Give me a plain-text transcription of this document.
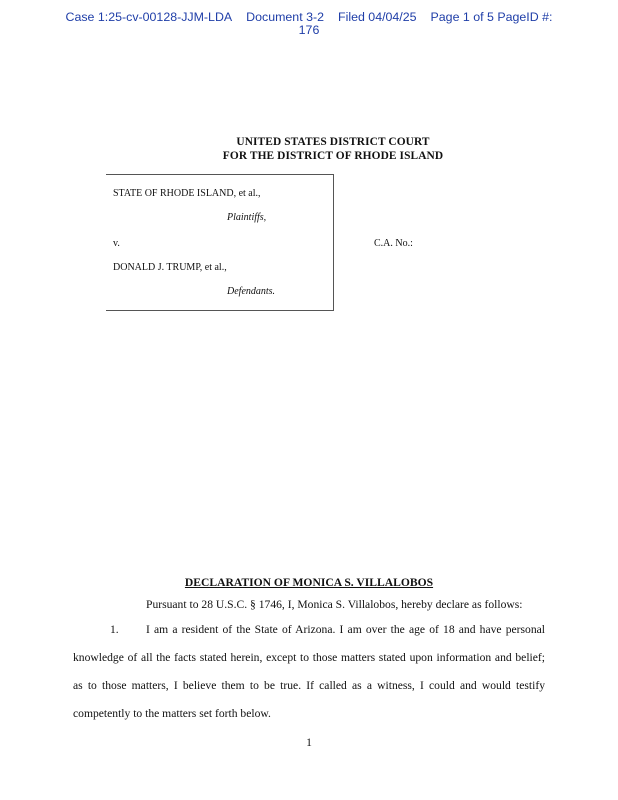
Case 1:25-cv-00128-JJM-LDA Document 3-2 Filed 04/04/25 Page 1 of 5 PageID #:
176
UNITED STATES DISTRICT COURT
FOR THE DISTRICT OF RHODE ISLAND
STATE OF RHODE ISLAND, et al.,
Plaintiffs,
v.
DONALD J. TRUMP, et al.,
Defendants.
C.A. No.:
DECLARATION OF MONICA S. VILLALOBOS
Pursuant to 28 U.S.C. § 1746, I, Monica S. Villalobos, hereby declare as follows:
1. I am a resident of the State of Arizona. I am over the age of 18 and have personal
knowledge of all the facts stated herein, except to those matters stated upon information and belief;
as to those matters, I believe them to be true. If called as a witness, I could and would testify
competently to the matters set forth below.
1
